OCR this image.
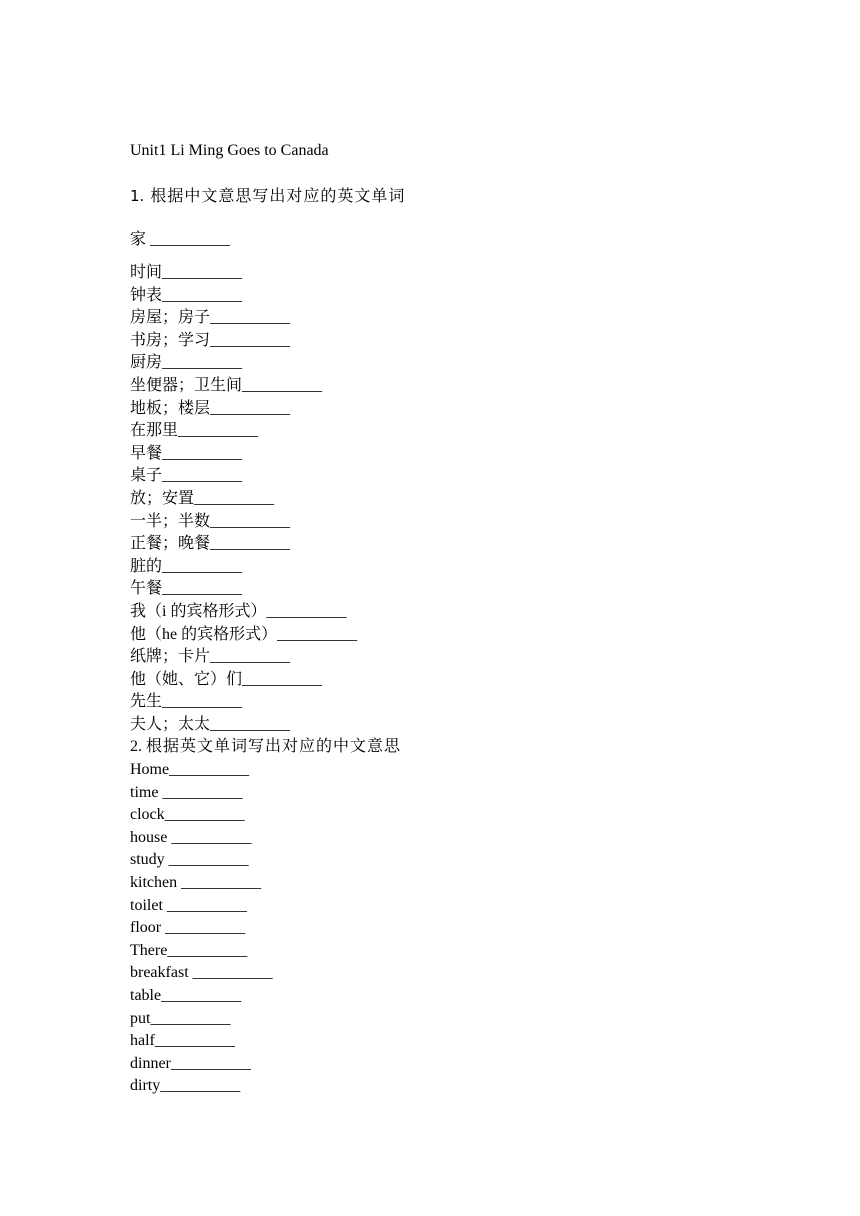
Unit1 Li Ming Goes to Canada
1. 根据中文意思写出对应的英文单词
家 __________
时间__________
钟表__________
房屋；房子__________
书房；学习__________
厨房__________
坐便器；卫生间__________
地板；楼层__________
在那里__________
早餐__________
桌子__________
放；安置__________
一半；半数__________
正餐；晚餐__________
脏的__________
午餐__________
我（i 的宾格形式）__________
他（he 的宾格形式）__________
纸牌；卡片__________
他（她、它）们__________
先生__________
夫人；太太__________
2. 根据英文单词写出对应的中文意思
Home__________
time __________
clock__________
house __________
study __________
kitchen __________
toilet __________
floor __________
There__________
breakfast __________
table__________
put__________
half__________
dinner__________
dirty__________
